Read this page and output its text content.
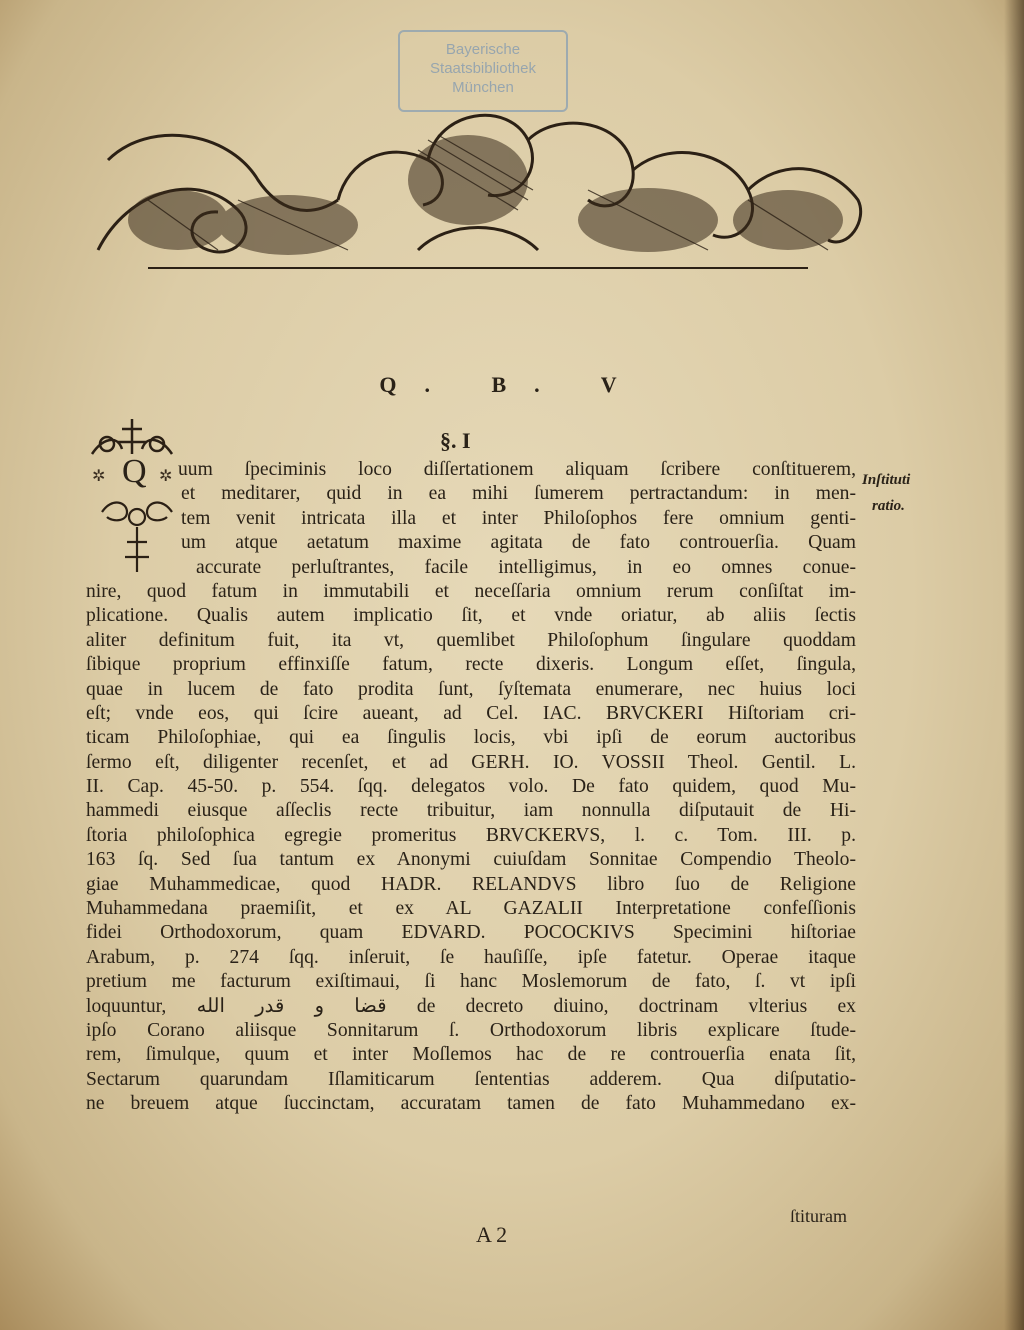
Bayerische
Staatsbibliothek
München
Q. B. V
§. I
Q
✲	✲ uum ſpeciminis loco diſſertationem aliquam ſcribere conſtituerem,
et meditarer, quid in ea mihi ſumerem pertractandum: in men-
tem venit intricata illa et inter Philoſophos fere omnium genti-
um atque aetatum maxime agitata de fato controuerſia. Quam
accurate perluſtrantes, facile intelligimus, in eo omnes conue-
nire, quod fatum in immutabili et neceſſaria omnium rerum conſiſtat im-
plicatione. Qualis autem implicatio ſit, et vnde oriatur, ab aliis ſectis
aliter definitum fuit, ita vt, quemlibet Philoſophum ſingulare quoddam
ſibique proprium effinxiſſe fatum, recte dixeris. Longum eſſet, ſingula,
quae in lucem de fato prodita ſunt, ſyſtemata enumerare, nec huius loci
eſt; vnde eos, qui ſcire aueant, ad Cel. IAC. BRVCKERI Hiſtoriam cri-
ticam Philoſophiae, qui ea ſingulis locis, vbi ipſi de eorum auctoribus
ſermo eſt, diligenter recenſet, et ad GERH. IO. VOSSII Theol. Gentil. L.
II. Cap. 45-50. p. 554. ſqq. delegatos volo. De fato quidem, quod Mu-
hammedi eiusque aſſeclis recte tribuitur, iam nonnulla diſputauit de Hi-
ſtoria philoſophica egregie promeritus BRVCKERVS, l. c. Tom. III. p.
163 ſq. Sed ſua tantum ex Anonymi cuiuſdam Sonnitae Compendio Theolo-
giae Muhammedicae, quod HADR. RELANDVS libro ſuo de Religione
Muhammedana praemiſit, et ex AL GAZALII Interpretatione confeſſionis
fidei Orthodoxorum, quam EDVARD. POCOCKIVS Specimini hiſtoriae
Arabum, p. 274 ſqq. inſeruit, ſe hauſiſſe, ipſe fatetur. Operae itaque
pretium me facturum exiſtimaui, ſi hanc Moslemorum de fato, ſ. vt ipſi
loquuntur, قضا و قدر الله de decreto diuino, doctrinam vlterius ex
ipſo Corano aliisque Sonnitarum ſ. Orthodoxorum libris explicare ſtude-
rem, ſimulque, quum et inter Moſlemos hac de re controuerſia enata ſit,
Sectarum quarundam Iſlamiticarum ſententias adderem. Qua diſputatio-
ne breuem atque ſuccinctam, accuratam tamen de fato Muhammedano ex-
Inſtituti
ratio.
ſtituram
A 2
